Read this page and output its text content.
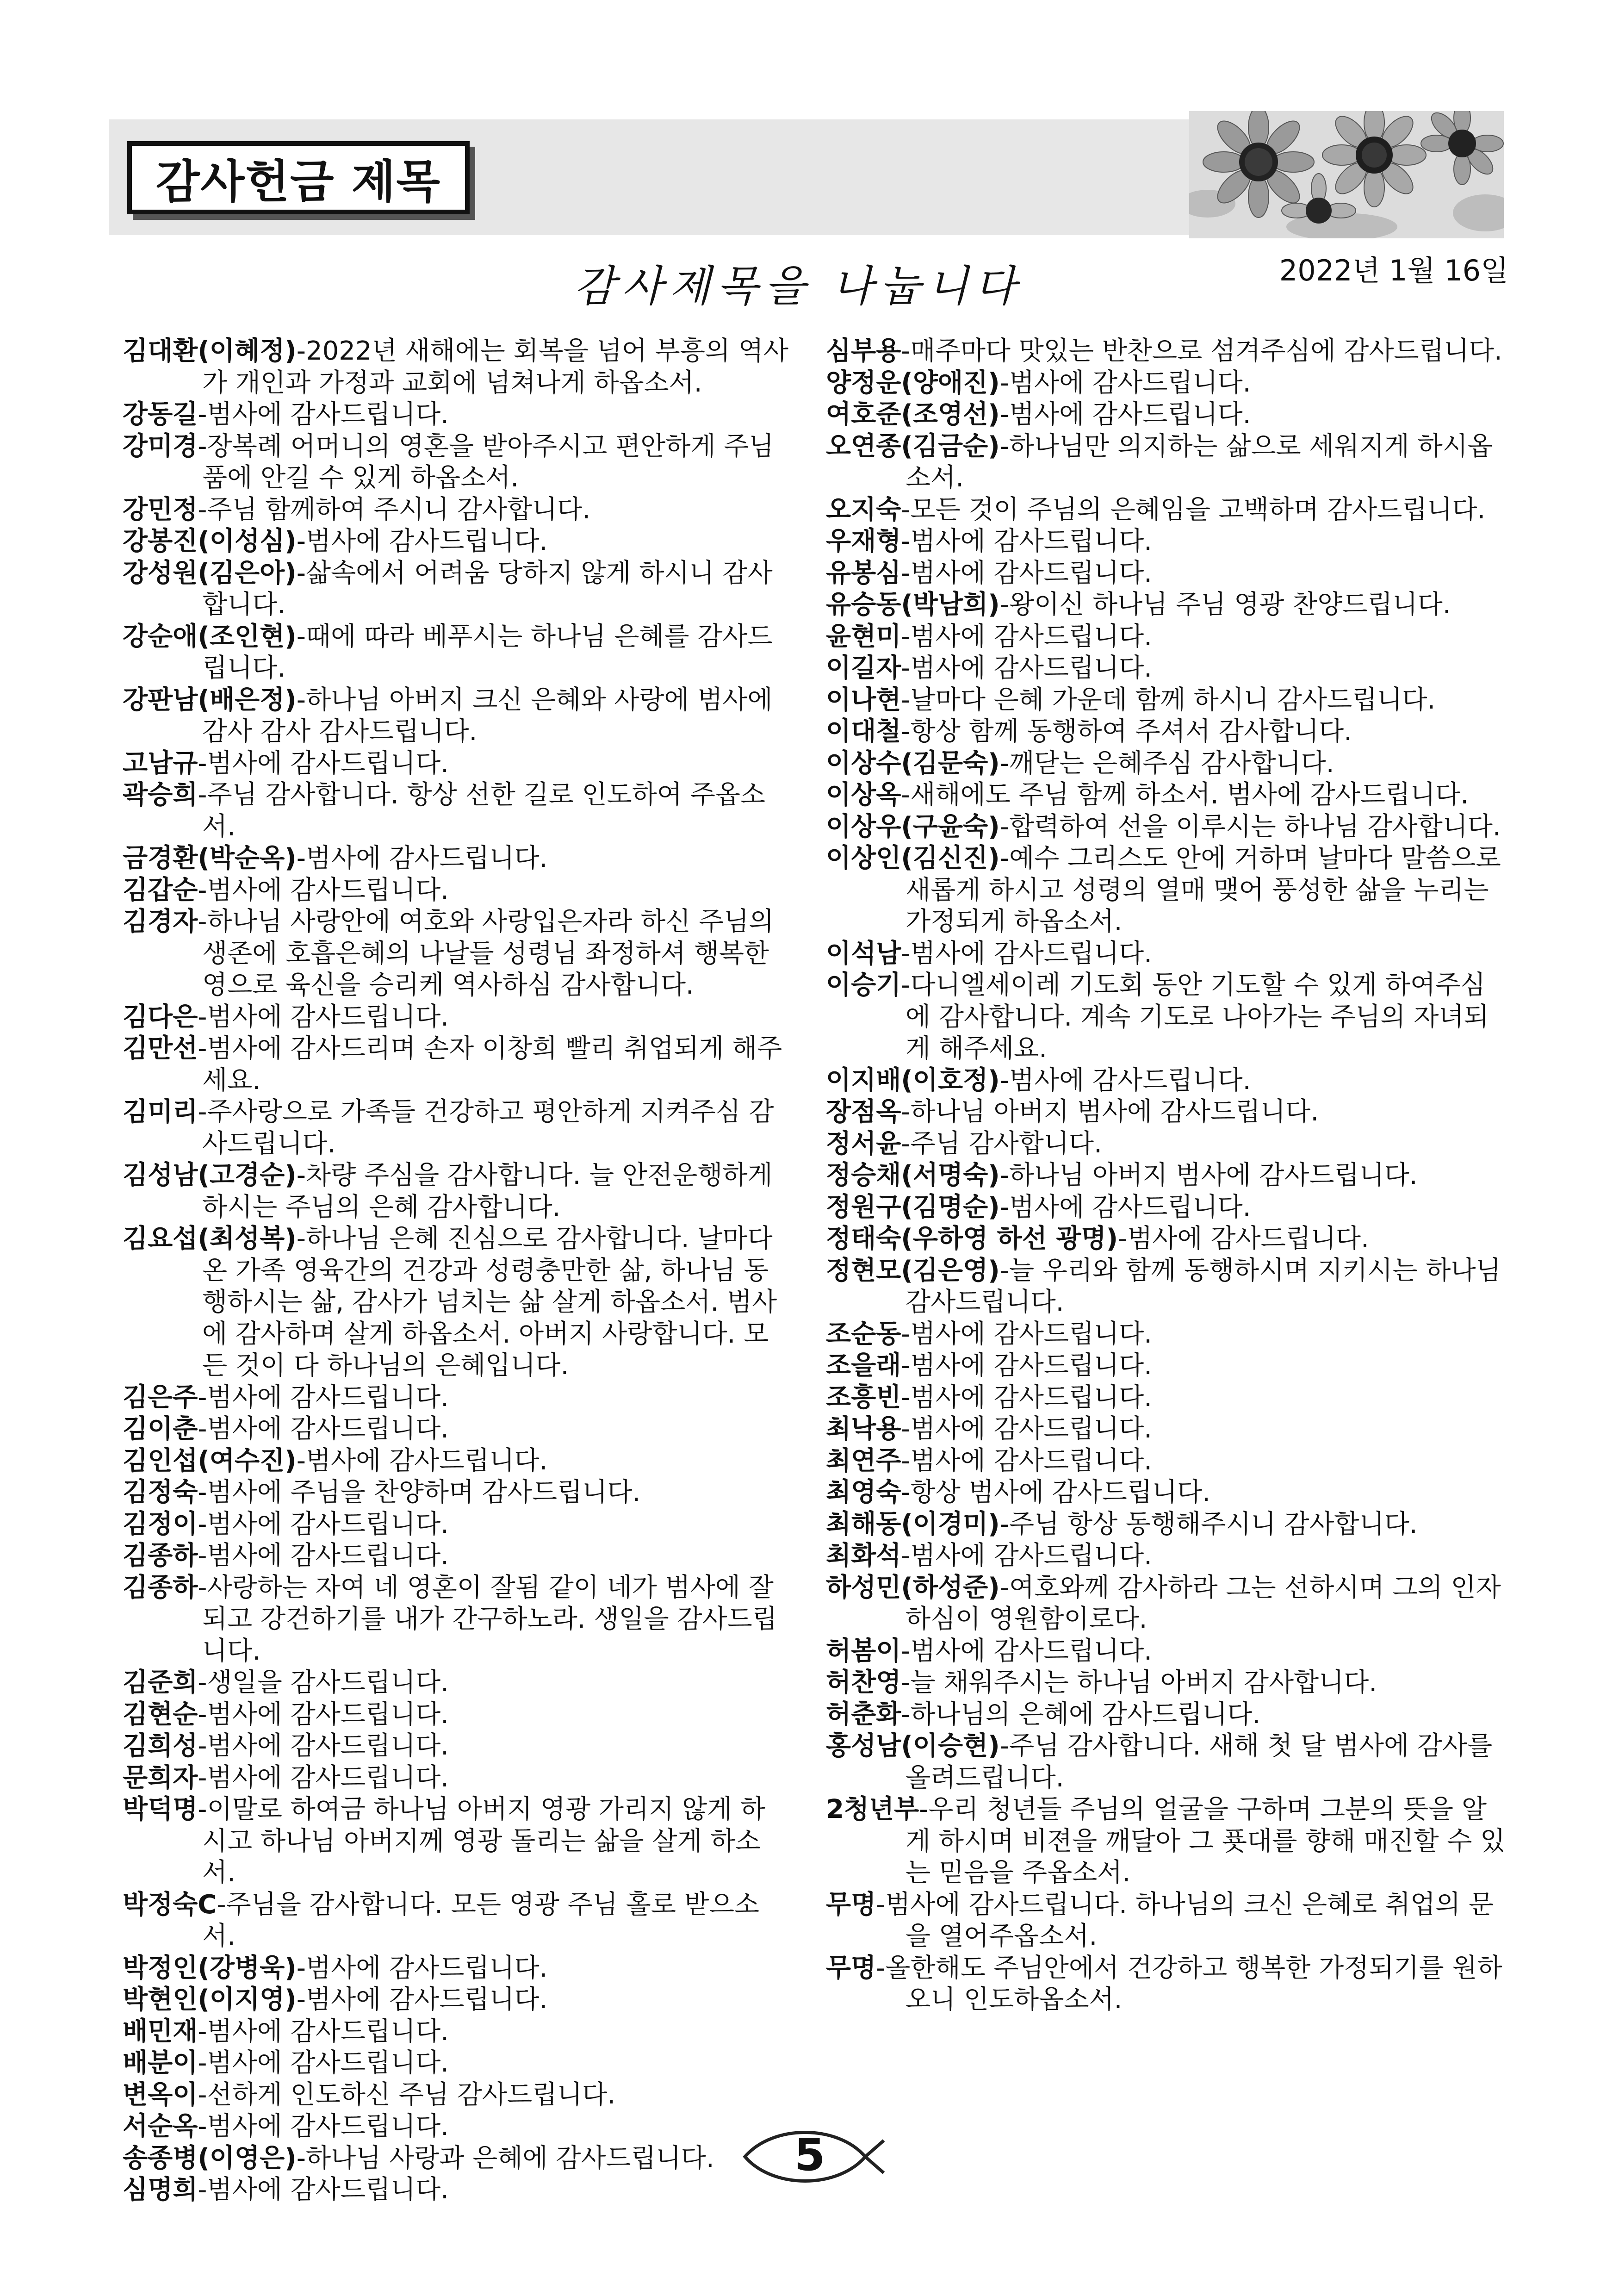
감사헌금 제목
2022년 1월 16일
감사제목을 나눕니다

김대환(이혜정)-2022년 새해에는 회복을 넘어 부흥의 역사가 개인과 가정과 교회에 넘쳐나게 하옵소서.

강동길-범사에 감사드립니다.

강미경-장복례 어머니의 영혼을 받아주시고 편안하게 주님 품에 안길 수 있게 하옵소서.

강민정-주님 함께하여 주시니 감사합니다.

강봉진(이성심)-범사에 감사드립니다.

강성원(김은아)-삶속에서 어려움 당하지 않게 하시니 감사합니다.

강순애(조인현)-때에 따라 베푸시는 하나님 은혜를 감사드립니다.

강판남(배은정)-하나님 아버지 크신 은혜와 사랑에 범사에 감사 감사 감사드립니다.

고남규-범사에 감사드립니다.

곽승희-주님 감사합니다. 항상 선한 길로 인도하여 주옵소서.

금경환(박순옥)-범사에 감사드립니다.

김갑순-범사에 감사드립니다.

김경자-하나님 사랑안에 여호와 사랑입은자라 하신 주님의 생존에 호흡은혜의 나날들 성령님 좌정하셔 행복한 영으로 육신을 승리케 역사하심 감사합니다.

김다은-범사에 감사드립니다.

김만선-범사에 감사드리며 손자 이창희 빨리 취업되게 해주세요.

김미리-주사랑으로 가족들 건강하고 평안하게 지켜주심 감사드립니다.

김성남(고경순)-차량 주심을 감사합니다. 늘 안전운행하게 하시는 주님의 은혜 감사합니다.

김요섭(최성복)-하나님 은혜 진심으로 감사합니다. 날마다 온 가족 영육간의 건강과 성령충만한 삶, 하나님 동행하시는 삶, 감사가 넘치는 삶 살게 하옵소서. 범사에 감사하며 살게 하옵소서. 아버지 사랑합니다. 모든 것이 다 하나님의 은혜입니다.

김은주-범사에 감사드립니다.

김이춘-범사에 감사드립니다.

김인섭(여수진)-범사에 감사드립니다.

김정숙-범사에 주님을 찬양하며 감사드립니다.

김정이-범사에 감사드립니다.

김종하-범사에 감사드립니다.

김종하-사랑하는 자여 네 영혼이 잘됨 같이 네가 범사에 잘되고 강건하기를 내가 간구하노라. 생일을 감사드립니다.

김준희-생일을 감사드립니다.

김현순-범사에 감사드립니다.

김희성-범사에 감사드립니다.

문희자-범사에 감사드립니다.

박덕명-이말로 하여금 하나님 아버지 영광 가리지 않게 하시고 하나님 아버지께 영광 돌리는 삶을 살게 하소서.

박정숙C-주님을 감사합니다. 모든 영광 주님 홀로 받으소서.

박정인(강병욱)-범사에 감사드립니다.

박현인(이지영)-범사에 감사드립니다.

배민재-범사에 감사드립니다.

배분이-범사에 감사드립니다.

변옥이-선하게 인도하신 주님 감사드립니다.

서순옥-범사에 감사드립니다.

송종병(이영은)-하나님 사랑과 은혜에 감사드립니다.

심명희-범사에 감사드립니다.

심부용-매주마다 맛있는 반찬으로 섬겨주심에 감사드립니다.

양정운(양애진)-범사에 감사드립니다.

여호준(조영선)-범사에 감사드립니다.

오연종(김금순)-하나님만 의지하는 삶으로 세워지게 하시옵소서.

오지숙-모든 것이 주님의 은혜임을 고백하며 감사드립니다.

우재형-범사에 감사드립니다.

유봉심-범사에 감사드립니다.

유승동(박남희)-왕이신 하나님 주님 영광 찬양드립니다.

윤현미-범사에 감사드립니다.

이길자-범사에 감사드립니다.

이나현-날마다 은혜 가운데 함께 하시니 감사드립니다.

이대철-항상 함께 동행하여 주셔서 감사합니다.

이상수(김문숙)-깨닫는 은혜주심 감사합니다.

이상옥-새해에도 주님 함께 하소서. 범사에 감사드립니다.

이상우(구윤숙)-합력하여 선을 이루시는 하나님 감사합니다.

이상인(김신진)-예수 그리스도 안에 거하며 날마다 말씀으로 새롭게 하시고 성령의 열매 맺어 풍성한 삶을 누리는 가정되게 하옵소서.

이석남-범사에 감사드립니다.

이승기-다니엘세이레 기도회 동안 기도할 수 있게 하여주심에 감사합니다. 계속 기도로 나아가는 주님의 자녀되게 해주세요.

이지배(이호정)-범사에 감사드립니다.

장점옥-하나님 아버지 범사에 감사드립니다.

정서윤-주님 감사합니다.

정승채(서명숙)-하나님 아버지 범사에 감사드립니다.

정원구(김명순)-범사에 감사드립니다.

정태숙(우하영 하선 광명)-범사에 감사드립니다.

정현모(김은영)-늘 우리와 함께 동행하시며 지키시는 하나님 감사드립니다.

조순동-범사에 감사드립니다.

조을래-범사에 감사드립니다.

조흥빈-범사에 감사드립니다.

최낙용-범사에 감사드립니다.

최연주-범사에 감사드립니다.

최영숙-항상 범사에 감사드립니다.

최해동(이경미)-주님 항상 동행해주시니 감사합니다.

최화석-범사에 감사드립니다.

하성민(하성준)-여호와께 감사하라 그는 선하시며 그의 인자하심이 영원함이로다.

허봄이-범사에 감사드립니다.

허찬영-늘 채워주시는 하나님 아버지 감사합니다.

허춘화-하나님의 은혜에 감사드립니다.

홍성남(이승현)-주님 감사합니다. 새해 첫 달 범사에 감사를 올려드립니다.

2청년부-우리 청년들 주님의 얼굴을 구하며 그분의 뜻을 알게 하시며 비젼을 깨달아 그 푯대를 향해 매진할 수 있는 믿음을 주옵소서.

무명-범사에 감사드립니다. 하나님의 크신 은혜로 취업의 문을 열어주옵소서.

무명-올한해도 주님안에서 건강하고 행복한 가정되기를 원하오니 인도하옵소서.

5
